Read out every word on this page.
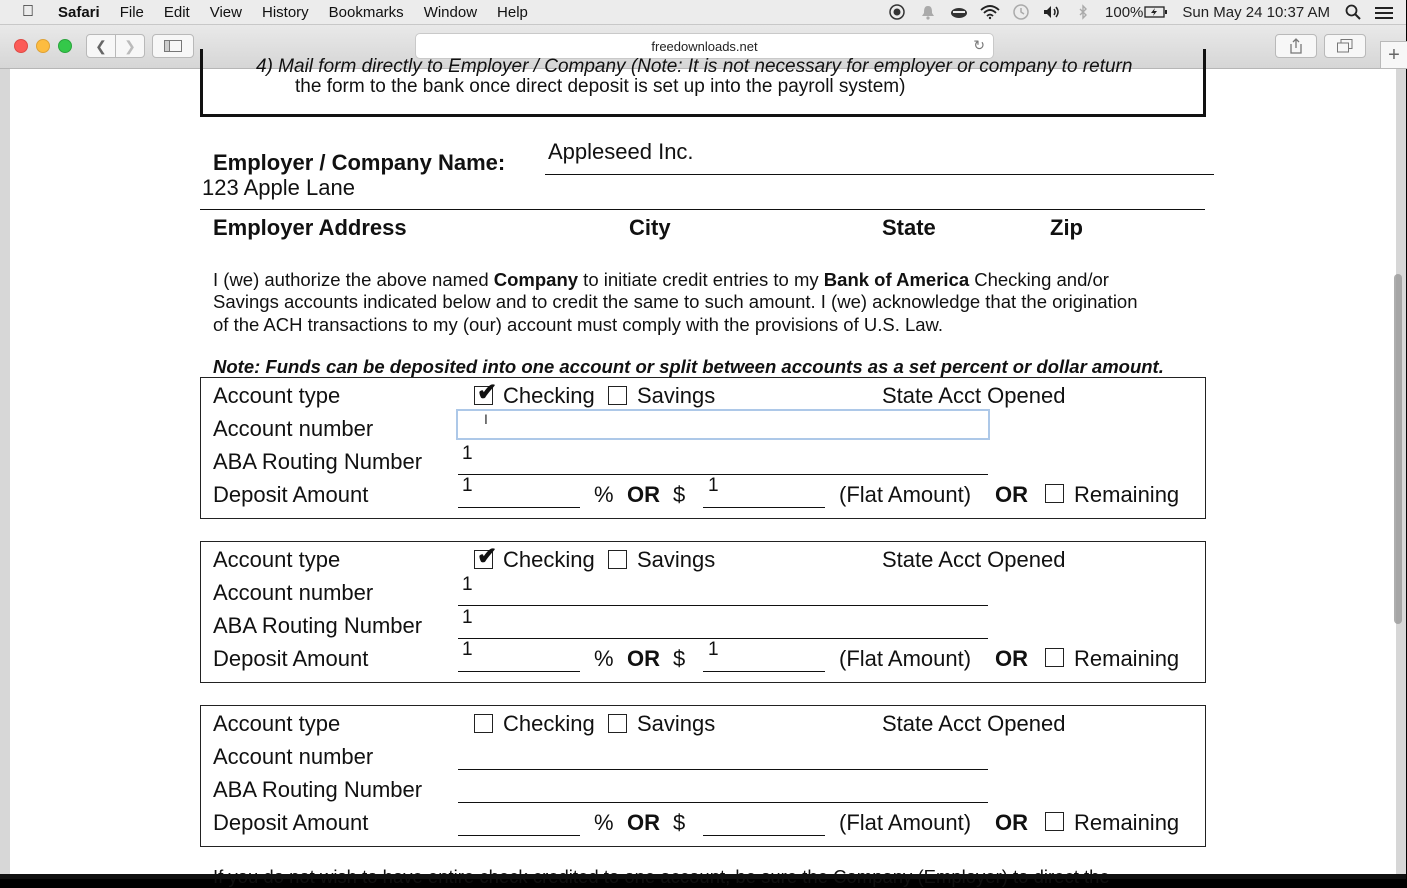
Safari File Edit View History Bookmarks Window Help	100%	Sun May 24 10:37 AM
❮ ❯	freedownloads.net	↻	+
4) Mail form directly to Employer / Company (Note: It is not necessary for employer or company to return
the form to the bank once direct deposit is set up into the payroll system)
Employer / Company Name: Appleseed Inc.
123 Apple Lane
Employer Address	City	State	Zip
I (we) authorize the above named Company to initiate credit entries to my Bank of America Checking and/or
Savings accounts indicated below and to credit the same to such amount. I (we) acknowledge that the origination
of the ACH transactions to my (our) account must comply with the provisions of U.S. Law.
Note: Funds can be deposited into one account or split between accounts as a set percent or dollar amount.
Account type	✔ Checking Savings	State Acct Opened
Account number
ABA Routing Number 1
Deposit Amount	1	% OR $ 1	(Flat Amount) OR Remaining
Account type	✔ Checking Savings	State Acct Opened
Account number	1
ABA Routing Number 1
Deposit Amount	1	% OR $ 1	(Flat Amount) OR Remaining
Account type	Checking Savings	State Acct Opened
Account number
ABA Routing Number
Deposit Amount	% OR $	(Flat Amount) OR Remaining
I
